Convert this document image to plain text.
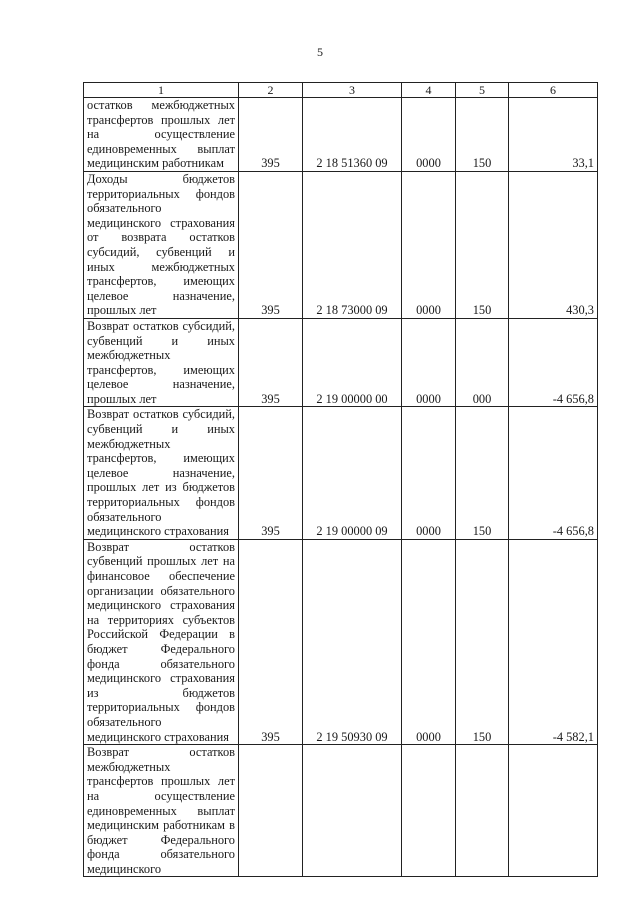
5
1	2	3	4	5	6
остатков межбюджетных трансфертов прошлых лет на осуществление единовременных выплат медицинским работникам	395	2 18 51360 09	0000	150	33,1
Доходы бюджетов территориальных фондов обязательного медицинского страхования от возврата остатков субсидий, субвенций и иных межбюджетных трансфертов, имеющих целевое назначение, прошлых лет	395	2 18 73000 09	0000	150	430,3
Возврат остатков субсидий, субвенций и иных межбюджетных трансфертов, имеющих целевое назначение, прошлых лет	395	2 19 00000 00	0000	000	-4 656,8
Возврат остатков субсидий, субвенций и иных межбюджетных трансфертов, имеющих целевое назначение, прошлых лет из бюджетов территориальных фондов обязательного медицинского страхования	395	2 19 00000 09	0000	150	-4 656,8
Возврат остатков субвенций прошлых лет на финансовое обеспечение организации обязательного медицинского страхования на территориях субъектов Российской Федерации в бюджет Федерального фонда обязательного медицинского страхования из бюджетов территориальных фондов обязательного медицинского страхования	395	2 19 50930 09	0000	150	-4 582,1
Возврат остатков межбюджетных трансфертов прошлых лет на осуществление единовременных выплат медицинским работникам в бюджет Федерального фонда обязательного медицинского					
